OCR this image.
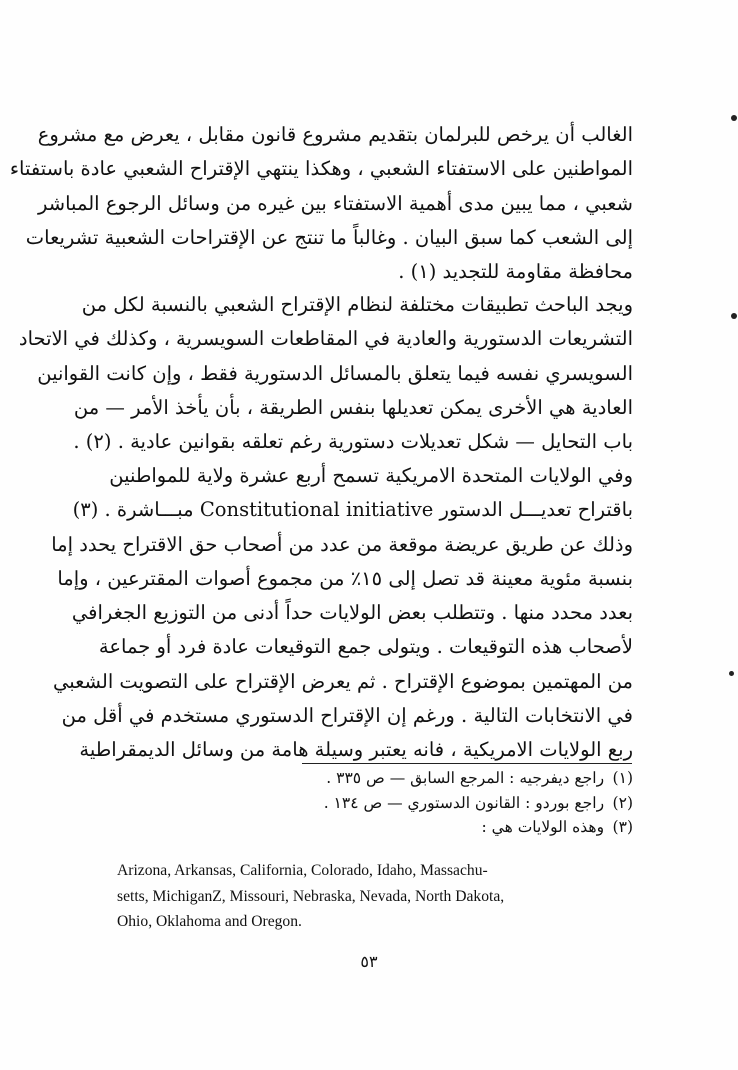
الغالب أن يرخص للبرلمان بتقديم مشروع قانون مقابل ، يعرض مع مشروع
المواطنين على الاستفتاء الشعبي ، وهكذا ينتهي الإقتراح الشعبي عادة باستفتاء
شعبي ، مما يبين مدى أهمية الاستفتاء بين غيره من وسائل الرجوع المباشر
إلى الشعب كما سبق البيان . وغالباً ما تنتج عن الإقتراحات الشعبية تشريعات
محافظة مقاومة للتجديد (١) .

ويجد الباحث تطبيقات مختلفة لنظام الإقتراح الشعبي بالنسبة لكل من
التشريعات الدستورية والعادية في المقاطعات السويسرية ، وكذلك في الاتحاد
السويسري نفسه فيما يتعلق بالمسائل الدستورية فقط ، وإن كانت القوانين
العادية هي الأخرى يمكن تعديلها بنفس الطريقة ، بأن يأخذ الأمر — من
باب التحايل — شكل تعديلات دستورية رغم تعلقه بقوانين عادية . (٢) .

وفي الولايات المتحدة الامريكية تسمح أربع عشرة ولاية للمواطنين
باقتراح تعديـــل الدستور Constitutional initiative مبـــاشرة . (٣)
وذلك عن طريق عريضة موقعة من عدد من أصحاب حق الاقتراح يحدد إما
بنسبة مئوية معينة قد تصل إلى ١٥٪ من مجموع أصوات المقترعين ، وإما
بعدد محدد منها . وتتطلب بعض الولايات حداً أدنى من التوزيع الجغرافي
لأصحاب هذه التوقيعات . ويتولى جمع التوقيعات عادة فرد أو جماعة
من المهتمين بموضوع الإقتراح . ثم يعرض الإقتراح على التصويت الشعبي
في الانتخابات التالية . ورغم إن الإقتراح الدستوري مستخدم في أقل من
ربع الولايات الامريكية ، فانه يعتبر وسيلة هامة من وسائل الديمقراطية

(١) راجع ديفرجيه : المرجع السابق — ص ٣٣٥ .
(٢) راجع بوردو : القانون الدستوري — ص ١٣٤ .
(٣) وهذه الولايات هي :
Arizona, Arkansas, California, Colorado, Idaho, Massachu-
setts, MichiganZ, Missouri, Nebraska, Nevada, North Dakota,
Ohio, Oklahoma and Oregon.
٥٣
